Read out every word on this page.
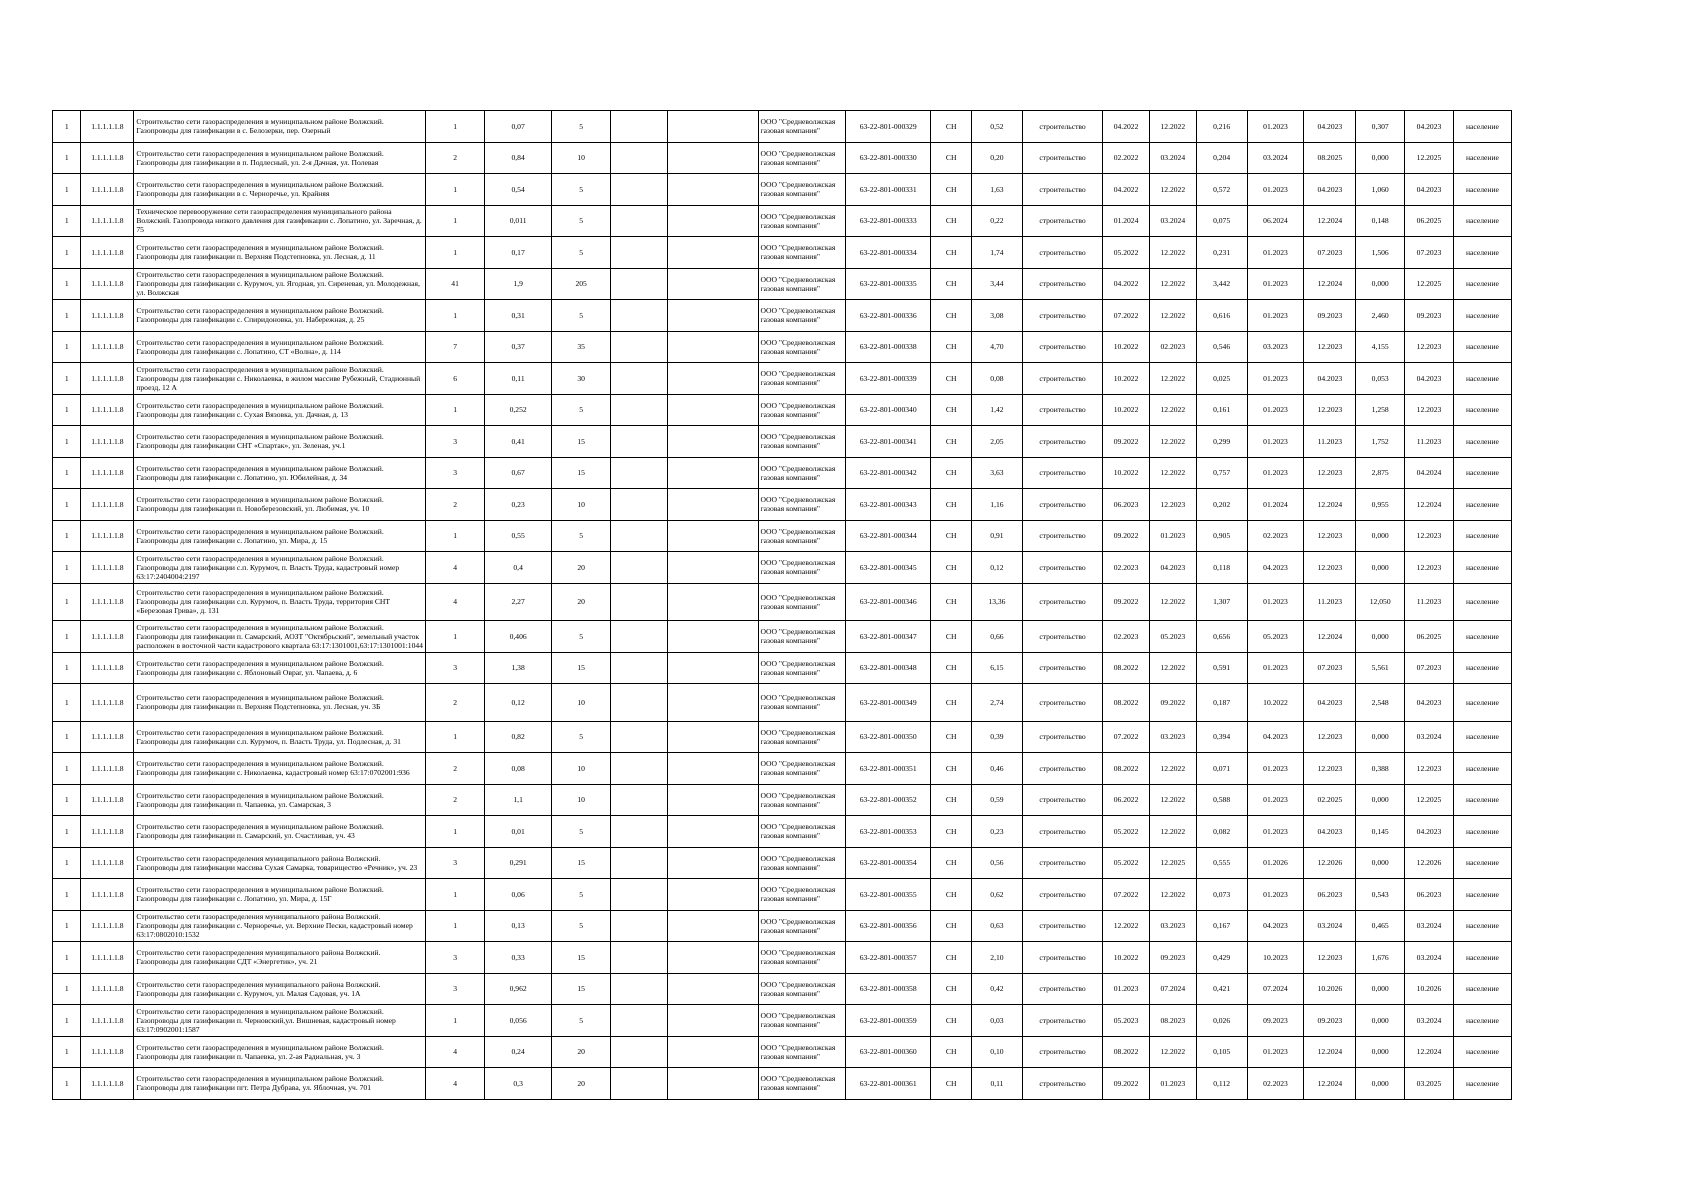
1	1.1.1.1.1.8	Строительство сети газораспределения в муниципальном районе Волжский. Газопроводы для газификации в с. Белозерки, пер. Озерный	1	0,07	5			ООО "Средневолжская газовая компания"	63-22-801-000329	СН	0,52	строительство	04.2022	12.2022	0,216	01.2023	04.2023	0,307	04.2023	население
1	1.1.1.1.1.8	Строительство сети газораспределения в муниципальном районе Волжский. Газопроводы для газификации в п. Подлесный, ул. 2-я Дачная, ул. Полевая	2	0,84	10			ООО "Средневолжская газовая компания"	63-22-801-000330	СН	0,20	строительство	02.2022	03.2024	0,204	03.2024	08.2025	0,000	12.2025	население
1	1.1.1.1.1.8	Строительство сети газораспределения в муниципальном районе Волжский. Газопроводы для газификации в с. Черноречье, ул. Крайняя	1	0,54	5			ООО "Средневолжская газовая компания"	63-22-801-000331	СН	1,63	строительство	04.2022	12.2022	0,572	01.2023	04.2023	1,060	04.2023	население
1	1.1.1.1.1.8	Техническое перевооружение сети газораспределения муниципального района Волжский. Газопровода низкого давления для газификации с. Лопатино, ул. Заречная, д. 75	1	0,011	5			ООО "Средневолжская газовая компания"	63-22-801-000333	СН	0,22	строительство	01.2024	03.2024	0,075	06.2024	12.2024	0,148	06.2025	население
1	1.1.1.1.1.8	Строительство сети газораспределения в муниципальном районе Волжский. Газопроводы для газификации п. Верхняя Подстепновка, ул. Лесная, д. 11	1	0,17	5			ООО "Средневолжская газовая компания"	63-22-801-000334	СН	1,74	строительство	05.2022	12.2022	0,231	01.2023	07.2023	1,506	07.2023	население
1	1.1.1.1.1.8	Строительство сети газораспределения в муниципальном районе Волжский. Газопроводы для газификации с. Курумоч, ул. Ягодная, ул. Сиреневая, ул. Молодежная, ул. Волжская	41	1,9	205			ООО "Средневолжская газовая компания"	63-22-801-000335	СН	3,44	строительство	04.2022	12.2022	3,442	01.2023	12.2024	0,000	12.2025	население
1	1.1.1.1.1.8	Строительство сети газораспределения в муниципальном районе Волжский. Газопроводы для газификации с. Спиридоновка, ул. Набережная, д. 25	1	0,31	5			ООО "Средневолжская газовая компания"	63-22-801-000336	СН	3,08	строительство	07.2022	12.2022	0,616	01.2023	09.2023	2,460	09.2023	население
1	1.1.1.1.1.8	Строительство сети газораспределения в муниципальном районе Волжский. Газопроводы для газификации с. Лопатино, СТ «Волна», д. 114	7	0,37	35			ООО "Средневолжская газовая компания"	63-22-801-000338	СН	4,70	строительство	10.2022	02.2023	0,546	03.2023	12.2023	4,155	12.2023	население
1	1.1.1.1.1.8	Строительство сети газораспределения в муниципальном районе Волжский. Газопроводы для газификации с. Николаевка, в жилом массиве Рубежный, Стадионный проезд, 12 А	6	0,11	30			ООО "Средневолжская газовая компания"	63-22-801-000339	СН	0,08	строительство	10.2022	12.2022	0,025	01.2023	04.2023	0,053	04.2023	население
1	1.1.1.1.1.8	Строительство сети газораспределения в муниципальном районе Волжский. Газопроводы для газификации с. Сухая Вязовка, ул. Дачная, д. 13	1	0,252	5			ООО "Средневолжская газовая компания"	63-22-801-000340	СН	1,42	строительство	10.2022	12.2022	0,161	01.2023	12.2023	1,258	12.2023	население
1	1.1.1.1.1.8	Строительство сети газораспределения в муниципальном районе Волжский. Газопроводы для газификации СНТ «Спартак», ул. Зеленая, уч.1	3	0,41	15			ООО "Средневолжская газовая компания"	63-22-801-000341	СН	2,05	строительство	09.2022	12.2022	0,299	01.2023	11.2023	1,752	11.2023	население
1	1.1.1.1.1.8	Строительство сети газораспределения в муниципальном районе Волжский. Газопроводы для газификации с. Лопатино, ул. Юбилейная, д. 34	3	0,67	15			ООО "Средневолжская газовая компания"	63-22-801-000342	СН	3,63	строительство	10.2022	12.2022	0,757	01.2023	12.2023	2,875	04.2024	население
1	1.1.1.1.1.8	Строительство сети газораспределения в муниципальном районе Волжский. Газопроводы для газификации п. Новоберезовский, ул. Любимая, уч. 10	2	0,23	10			ООО "Средневолжская газовая компания"	63-22-801-000343	СН	1,16	строительство	06.2023	12.2023	0,202	01.2024	12.2024	0,955	12.2024	население
1	1.1.1.1.1.8	Строительство сети газораспределения в муниципальном районе Волжский. Газопроводы для газификации с. Лопатино, ул. Мира, д. 15	1	0,55	5			ООО "Средневолжская газовая компания"	63-22-801-000344	СН	0,91	строительство	09.2022	01.2023	0,905	02.2023	12.2023	0,000	12.2023	население
1	1.1.1.1.1.8	Строительство сети газораспределения в муниципальном районе Волжский. Газопроводы для газификации с.п. Курумоч, п. Власть Труда, кадастровый номер 63:17:2404004:2197	4	0,4	20			ООО "Средневолжская газовая компания"	63-22-801-000345	СН	0,12	строительство	02.2023	04.2023	0,118	04.2023	12.2023	0,000	12.2023	население
1	1.1.1.1.1.8	Строительство сети газораспределения в муниципальном районе Волжский. Газопроводы для газификации с.п. Курумоч, п. Власть Труда, территория СНТ «Березовая Грива», д. 131	4	2,27	20			ООО "Средневолжская газовая компания"	63-22-801-000346	СН	13,36	строительство	09.2022	12.2022	1,307	01.2023	11.2023	12,050	11.2023	население
1	1.1.1.1.1.8	Строительство сети газораспределения в муниципальном районе Волжский. Газопроводы для газификации п. Самарский, АОЗТ "Октябрьский", земельный участок расположен в восточной части кадастрового квартала 63:17:1301001,63:17:1301001:1044	1	0,406	5			ООО "Средневолжская газовая компания"	63-22-801-000347	СН	0,66	строительство	02.2023	05.2023	0,656	05.2023	12.2024	0,000	06.2025	население
1	1.1.1.1.1.8	Строительство сети газораспределения в муниципальном районе Волжский. Газопроводы для газификации с. Яблоновый Овраг, ул. Чапаева, д. 6	3	1,38	15			ООО "Средневолжская газовая компания"	63-22-801-000348	СН	6,15	строительство	08.2022	12.2022	0,591	01.2023	07.2023	5,561	07.2023	население
1	1.1.1.1.1.8	Строительство сети газораспределения в муниципальном районе Волжский. Газопроводы для газификации п. Верхняя Подстепновка, ул. Лесная, уч. 3Б	2	0,12	10			ООО "Средневолжская газовая компания"	63-22-801-000349	СН	2,74	строительство	08.2022	09.2022	0,187	10.2022	04.2023	2,548	04.2023	население
1	1.1.1.1.1.8	Строительство сети газораспределения в муниципальном районе Волжский. Газопроводы для газификации с.п. Курумоч, п. Власть Труда, ул. Подлесная, д. 31	1	0,82	5			ООО "Средневолжская газовая компания"	63-22-801-000350	СН	0,39	строительство	07.2022	03.2023	0,394	04.2023	12.2023	0,000	03.2024	население
1	1.1.1.1.1.8	Строительство сети газораспределения в муниципальном районе Волжский. Газопроводы для газификации с. Николаевка, кадастровый номер 63:17:0702001:936	2	0,08	10			ООО "Средневолжская газовая компания"	63-22-801-000351	СН	0,46	строительство	08.2022	12.2022	0,071	01.2023	12.2023	0,388	12.2023	население
1	1.1.1.1.1.8	Строительство сети газораспределения в муниципальном районе Волжский. Газопроводы для газификации п. Чапаевка, ул. Самарская, 3	2	1,1	10			ООО "Средневолжская газовая компания"	63-22-801-000352	СН	0,59	строительство	06.2022	12.2022	0,588	01.2023	02.2025	0,000	12.2025	население
1	1.1.1.1.1.8	Строительство сети газораспределения в муниципальном районе Волжский. Газопроводы для газификации п. Самарский, ул. Счастливая, уч. 43	1	0,01	5			ООО "Средневолжская газовая компания"	63-22-801-000353	СН	0,23	строительство	05.2022	12.2022	0,082	01.2023	04.2023	0,145	04.2023	население
1	1.1.1.1.1.8	Строительство сети газораспределения муниципального района Волжский. Газопроводы для газификации массива Сухая Самарка, товарищество «Речник», уч. 23	3	0,291	15			ООО "Средневолжская газовая компания"	63-22-801-000354	СН	0,56	строительство	05.2022	12.2025	0,555	01.2026	12.2026	0,000	12.2026	население
1	1.1.1.1.1.8	Строительство сети газораспределения в муниципальном районе Волжский. Газопроводы для газификации с. Лопатино, ул. Мира, д. 15Г	1	0,06	5			ООО "Средневолжская газовая компания"	63-22-801-000355	СН	0,62	строительство	07.2022	12.2022	0,073	01.2023	06.2023	0,543	06.2023	население
1	1.1.1.1.1.8	Строительство сети газораспределения муниципального района Волжский. Газопроводы для газификации с. Черноречье, ул. Верхние Пески, кадастровый номер 63:17:0802010:1532	1	0,13	5			ООО "Средневолжская газовая компания"	63-22-801-000356	СН	0,63	строительство	12.2022	03.2023	0,167	04.2023	03.2024	0,465	03.2024	население
1	1.1.1.1.1.8	Строительство сети газораспределения муниципального района Волжский. Газопроводы для газификации СДТ «Энергетик», уч. 21	3	0,33	15			ООО "Средневолжская газовая компания"	63-22-801-000357	СН	2,10	строительство	10.2022	09.2023	0,429	10.2023	12.2023	1,676	03.2024	население
1	1.1.1.1.1.8	Строительство сети газораспределения муниципального района Волжский. Газопроводы для газификации с. Курумоч, ул. Малая Садовая, уч. 1А	3	0,962	15			ООО "Средневолжская газовая компания"	63-22-801-000358	СН	0,42	строительство	01.2023	07.2024	0,421	07.2024	10.2026	0,000	10.2026	население
1	1.1.1.1.1.8	Строительство сети газораспределения в муниципальном районе Волжский. Газопроводы для газификации п. Черновский,ул. Вишневая, кадастровый номер 63:17:0902001:1587	1	0,056	5			ООО "Средневолжская газовая компания"	63-22-801-000359	СН	0,03	строительство	05.2023	08.2023	0,026	09.2023	09.2023	0,000	03.2024	население
1	1.1.1.1.1.8	Строительство сети газораспределения в муниципальном районе Волжский. Газопроводы для газификации п. Чапаевка, ул. 2-ая Радиальная, уч. 3	4	0,24	20			ООО "Средневолжская газовая компания"	63-22-801-000360	СН	0,10	строительство	08.2022	12.2022	0,105	01.2023	12.2024	0,000	12.2024	население
1	1.1.1.1.1.8	Строительство сети газораспределения в муниципальном районе Волжский. Газопроводы для газификации пгт. Петра Дубрава, ул. Яблочная, уч. 701	4	0,3	20			ООО "Средневолжская газовая компания"	63-22-801-000361	СН	0,11	строительство	09.2022	01.2023	0,112	02.2023	12.2024	0,000	03.2025	население
